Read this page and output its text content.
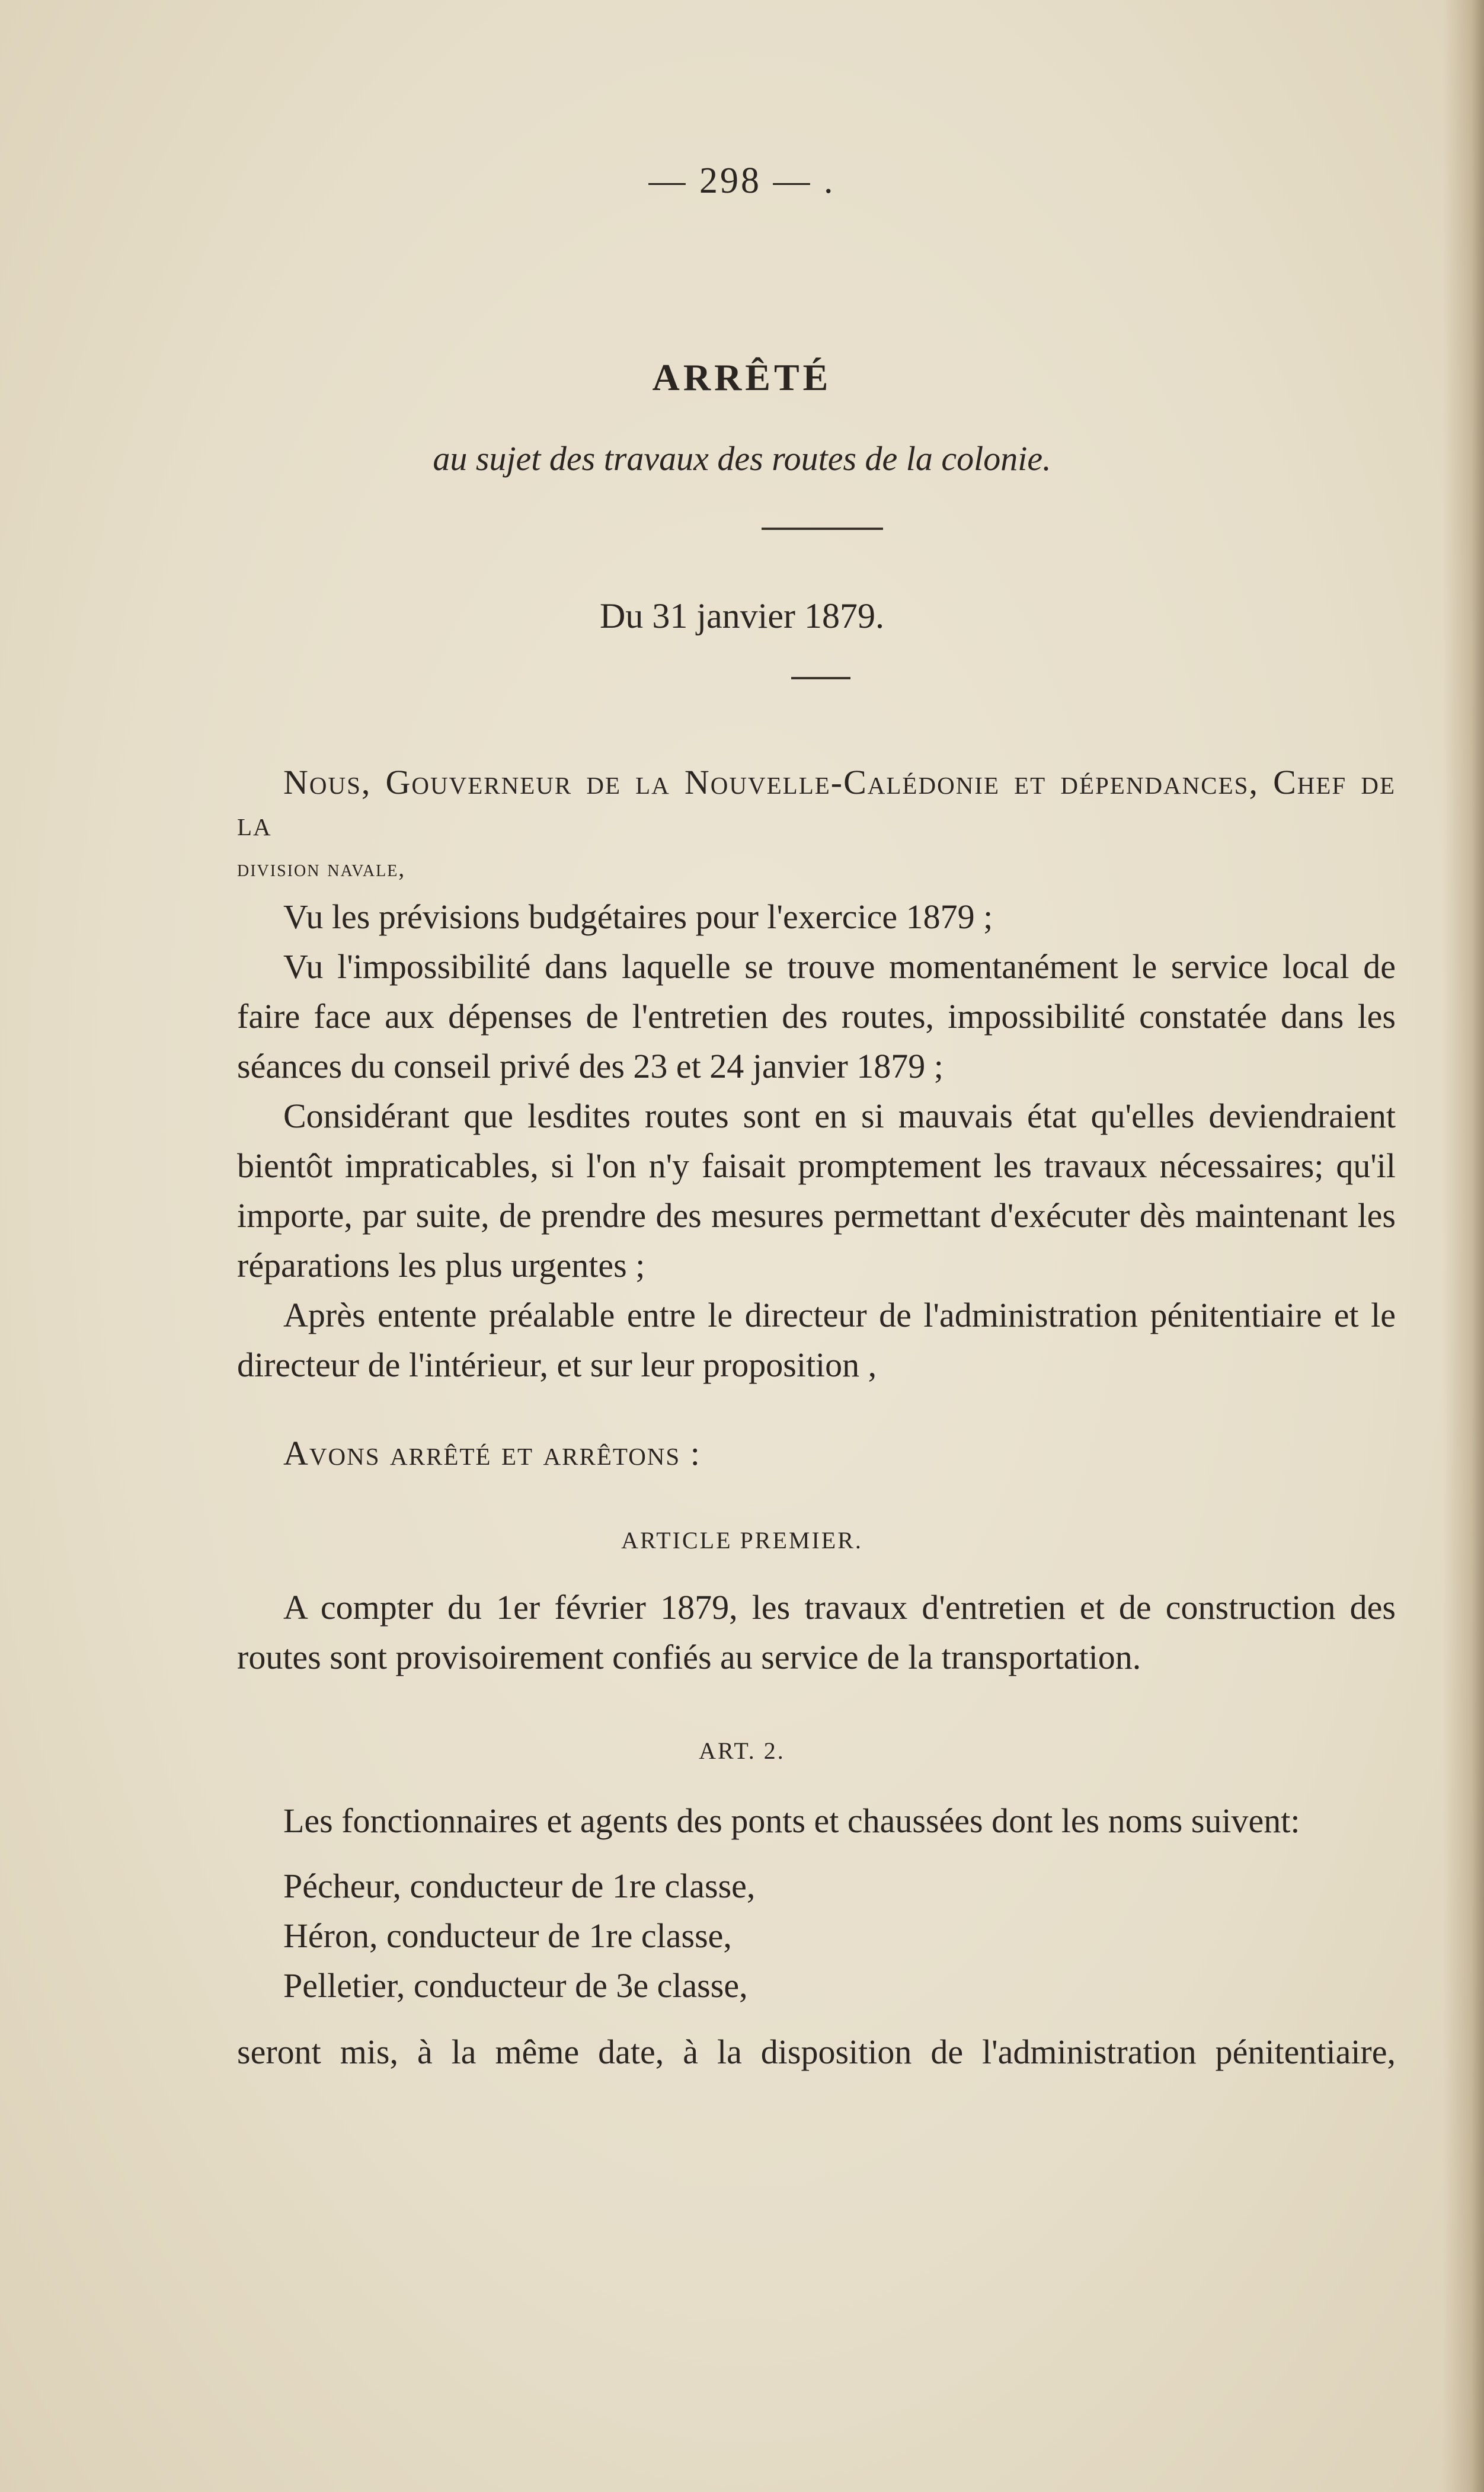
— 298 — .
ARRÊTÉ
au sujet des travaux des routes de la colonie.
Du 31 janvier 1879.

Nous, Gouverneur de la Nouvelle-Calédonie et dépendances, Chef de la

division navale,

Vu les prévisions budgétaires pour l'exercice 1879 ;

Vu l'impossibilité dans laquelle se trouve momentanément le service local de faire face aux dépenses de l'entretien des routes, impossibilité constatée dans les séances du conseil privé des 23 et 24 janvier 1879 ;

Considérant que lesdites routes sont en si mauvais état qu'elles deviendraient bientôt impraticables, si l'on n'y faisait promptement les travaux nécessaires; qu'il importe, par suite, de prendre des mesures permettant d'exécuter dès maintenant les réparations les plus urgentes ;

Après entente préalable entre le directeur de l'administration pénitentiaire et le directeur de l'intérieur, et sur leur proposition ,

Avons arrêté et arrêtons :

ARTICLE PREMIER.

A compter du 1er février 1879, les travaux d'entretien et de construction des routes sont provisoirement confiés au service de la transportation.

ART. 2.

Les fonctionnaires et agents des ponts et chaussées dont les noms suivent:

Pécheur, conducteur de 1re classe,
Héron, conducteur de 1re classe,
Pelletier, conducteur de 3e classe,
seront mis, à la même date, à la disposition de l'administration pénitentiaire,
